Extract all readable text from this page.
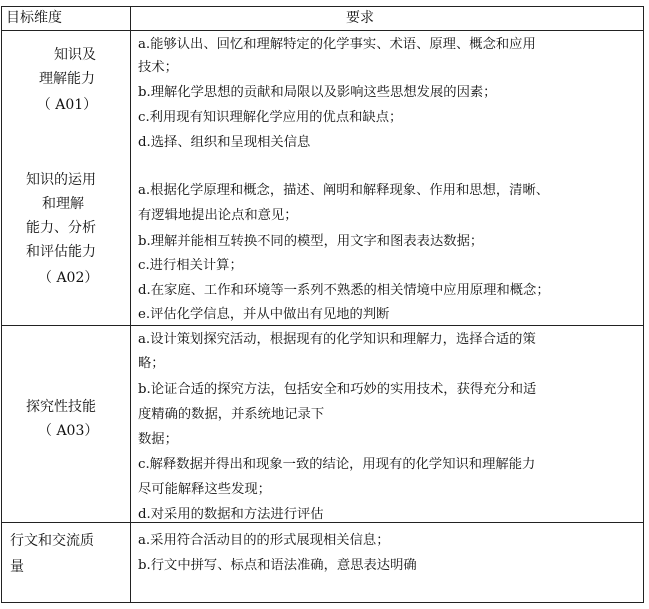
目标维度	要求
知识及
理解能力
（ A01）
知识的运用
和理解
能力、分析
和评估能力
（ A02）
a.能够认出、回忆和理解特定的化学事实、术语、原理、概念和应用
技术；
b.理解化学思想的贡献和局限以及影响这些思想发展的因素；
c.利用现有知识理解化学应用的优点和缺点；
d.选择、组织和呈现相关信息
a.根据化学原理和概念，描述、阐明和解释现象、作用和思想，清晰、
有逻辑地提出论点和意见；
b.理解并能相互转换不同的模型，用文字和图表表达数据；
c.进行相关计算；
d.在家庭、工作和环境等一系列不熟悉的相关情境中应用原理和概念；
e.评估化学信息，并从中做出有见地的判断
探究性技能
（ A03）
a.设计策划探究活动，根据现有的化学知识和理解力，选择合适的策
略；
b.论证合适的探究方法，包括安全和巧妙的实用技术，获得充分和适
度精确的数据，并系统地记录下
数据；
c.解释数据并得出和现象一致的结论，用现有的化学知识和理解能力
尽可能解释这些发现；
d.对采用的数据和方法进行评估
行文和交流质
量
a.采用符合活动目的的形式展现相关信息；
b.行文中拼写、标点和语法准确，意思表达明确
